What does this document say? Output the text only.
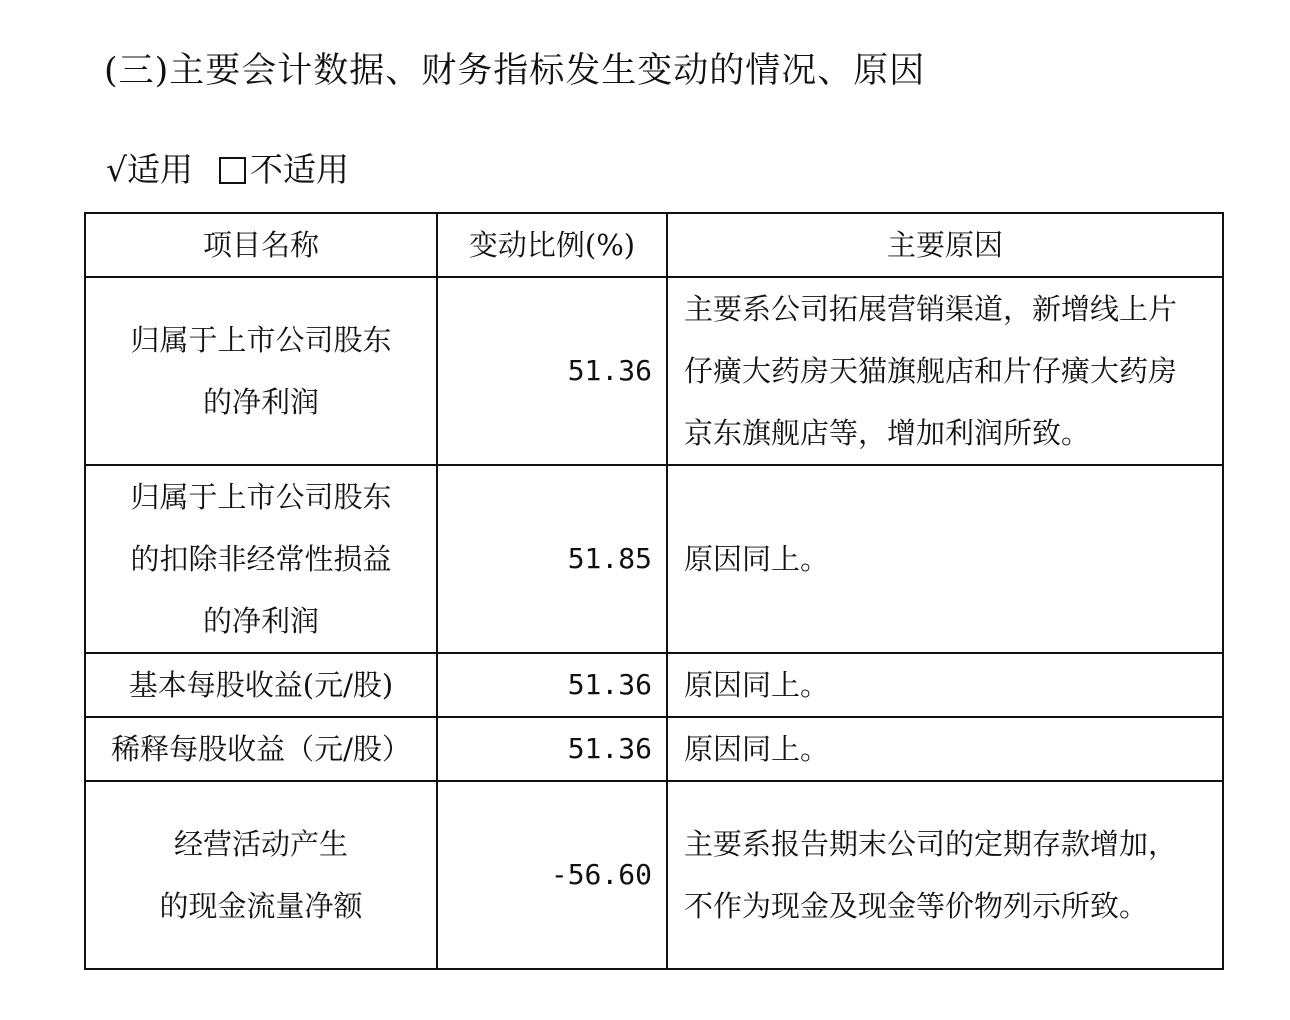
(三)主要会计数据、财务指标发生变动的情况、原因
√ 适用 不适用
项目名称	变动比例(%)	主要原因

归属于上市公司股东
的净利润	51.36	主要系公司拓展营销渠道，新增线上片仔癀大药房天猫旗舰店和片仔癀大药房京东旗舰店等，增加利润所致。

归属于上市公司股东
的扣除非经常性损益
的净利润	51.85	原因同上。

基本每股收益(元/股)	51.36	原因同上。

稀释每股收益（元/股）	51.36	原因同上。

经营活动产生
的现金流量净额	-56.60	主要系报告期末公司的定期存款增加，不作为现金及现金等价物列示所致。
